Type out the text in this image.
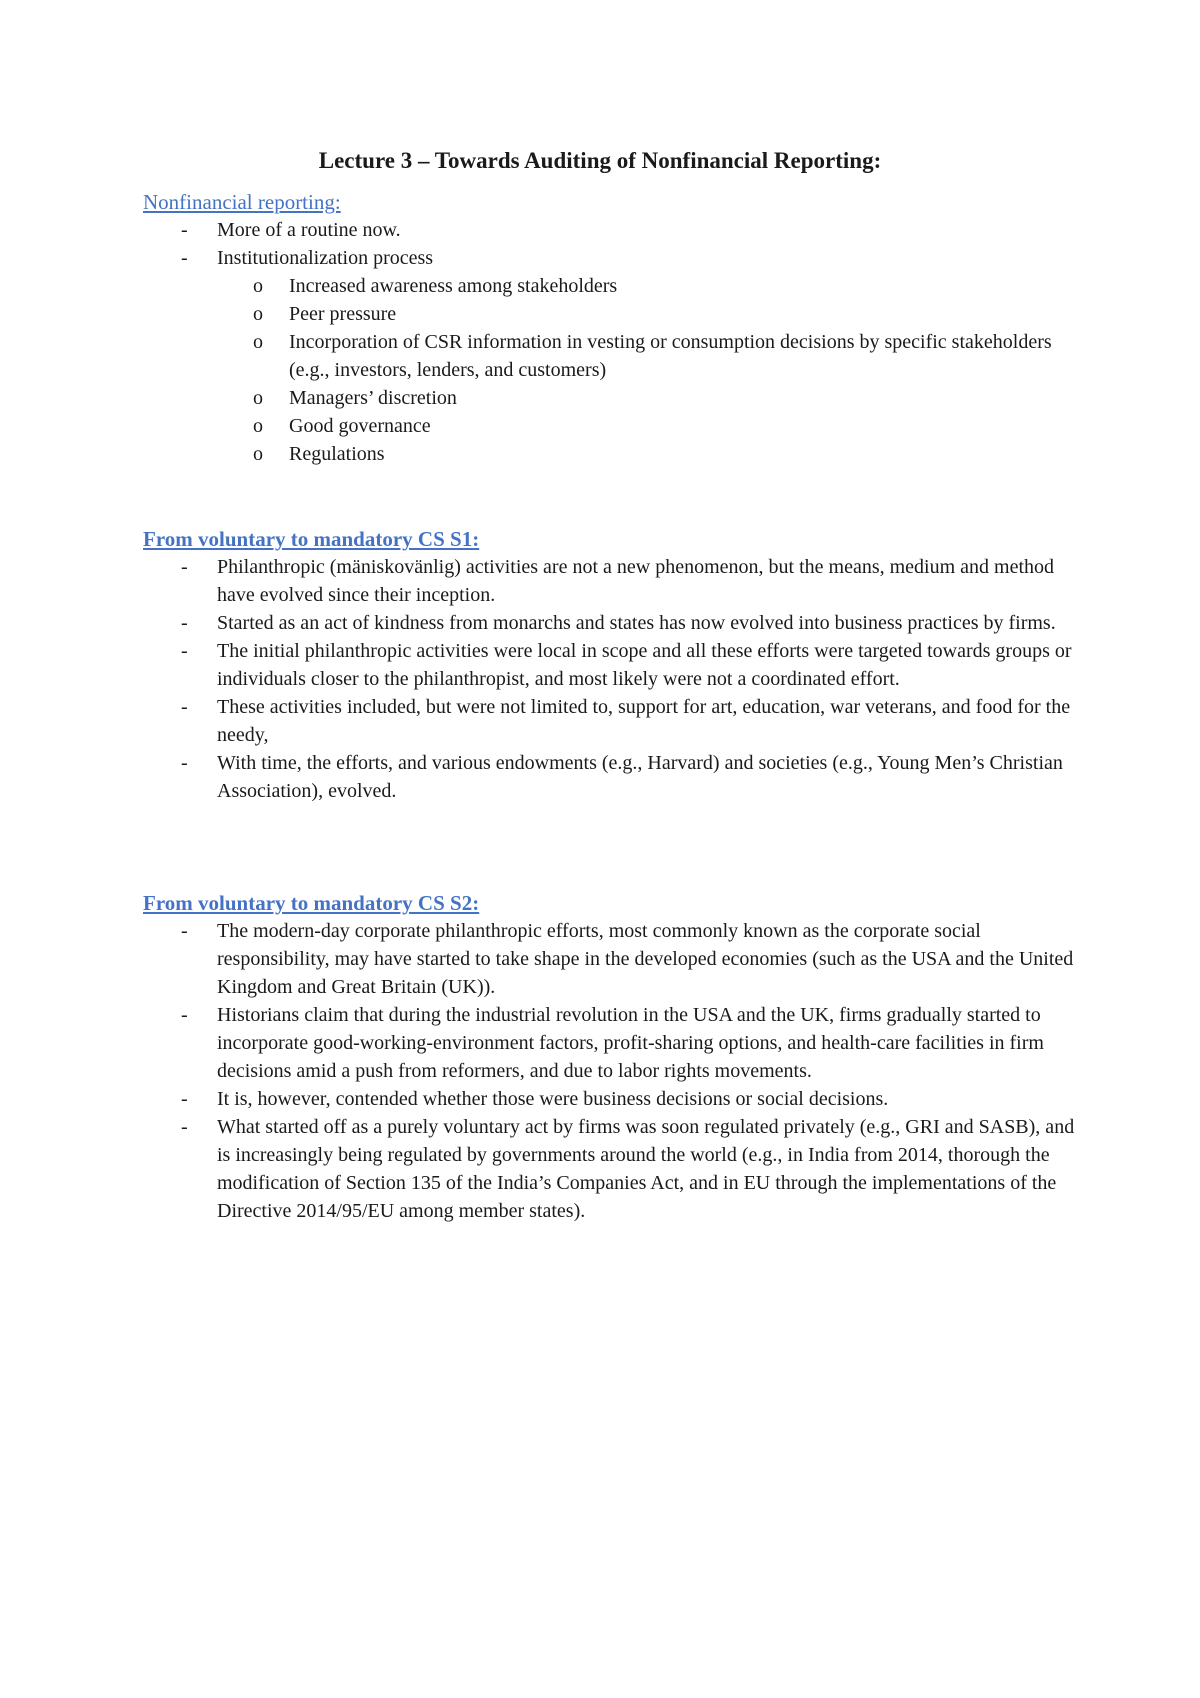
Lecture 3 – Towards Auditing of Nonfinancial Reporting:
Nonfinancial reporting:
- More of a routine now.
- Institutionalization process
o Increased awareness among stakeholders
o Peer pressure
o Incorporation of CSR information in vesting or consumption decisions by specific stakeholders (e.g., investors, lenders, and customers)
o Managers’ discretion
o Good governance
o Regulations
From voluntary to mandatory CS S1:
- Philanthropic (mäniskovänlig) activities are not a new phenomenon, but the means, medium and method have evolved since their inception.
- Started as an act of kindness from monarchs and states has now evolved into business practices by firms.
- The initial philanthropic activities were local in scope and all these efforts were targeted towards groups or individuals closer to the philanthropist, and most likely were not a coordinated effort.
- These activities included, but were not limited to, support for art, education, war veterans, and food for the needy,
- With time, the efforts, and various endowments (e.g., Harvard) and societies (e.g., Young Men’s Christian Association), evolved.
From voluntary to mandatory CS S2:
- The modern-day corporate philanthropic efforts, most commonly known as the corporate social responsibility, may have started to take shape in the developed economies (such as the USA and the United Kingdom and Great Britain (UK)).
- Historians claim that during the industrial revolution in the USA and the UK, firms gradually started to incorporate good-working-environment factors, profit-sharing options, and health-care facilities in firm decisions amid a push from reformers, and due to labor rights movements.
- It is, however, contended whether those were business decisions or social decisions.
- What started off as a purely voluntary act by firms was soon regulated privately (e.g., GRI and SASB), and is increasingly being regulated by governments around the world (e.g., in India from 2014, thorough the modification of Section 135 of the India’s Companies Act, and in EU through the implementations of the Directive 2014/95/EU among member states).
